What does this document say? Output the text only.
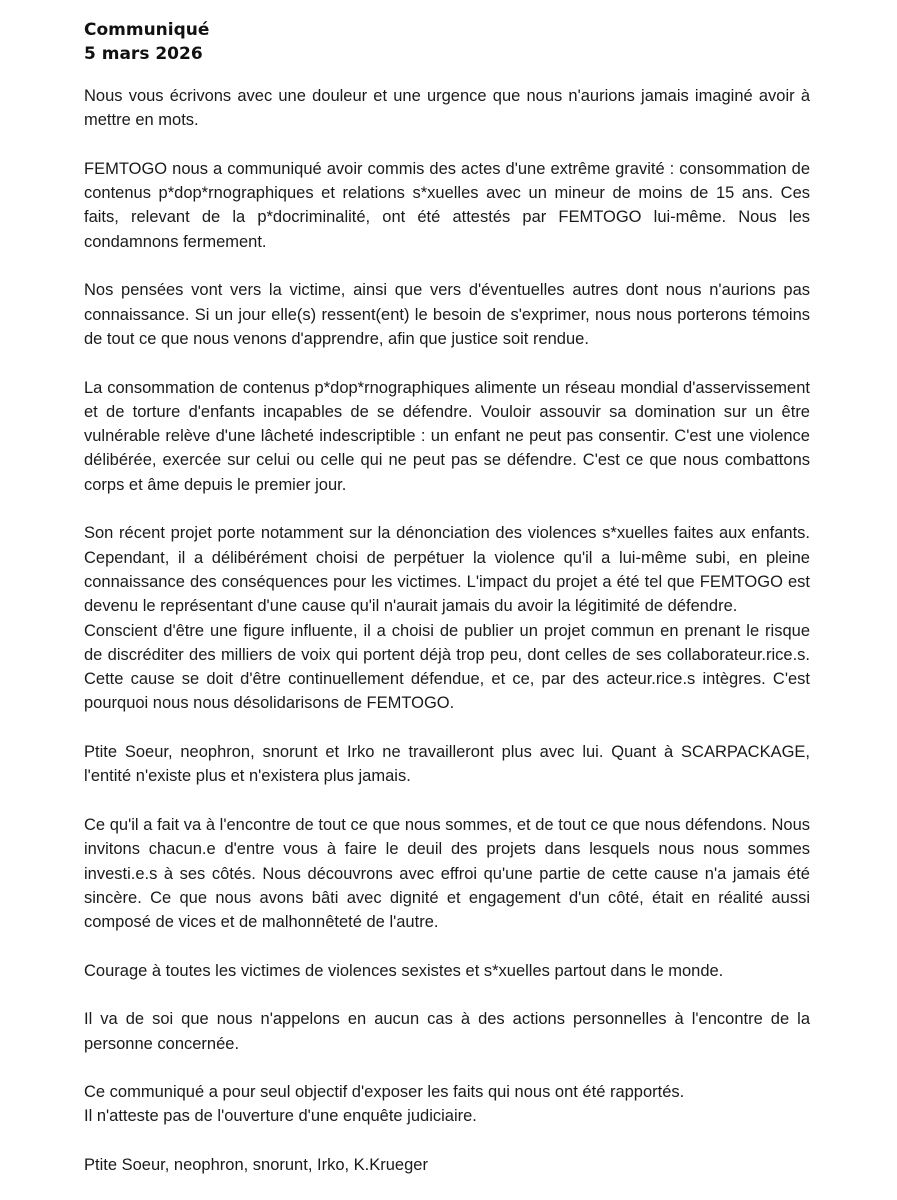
Communiqué
5 mars 2026

Nous vous écrivons avec une douleur et une urgence que nous n'aurions jamais imaginé avoir à mettre en mots.

FEMTOGO nous a communiqué avoir commis des actes d'une extrême gravité : consommation de contenus p*dop*rnographiques et relations s*xuelles avec un mineur de moins de 15 ans. Ces faits, relevant de la p*docriminalité, ont été attestés par FEMTOGO lui-même. Nous les condamnons fermement.

Nos pensées vont vers la victime, ainsi que vers d'éventuelles autres dont nous n'aurions pas connaissance. Si un jour elle(s) ressent(ent) le besoin de s'exprimer, nous nous porterons témoins de tout ce que nous venons d'apprendre, afin que justice soit rendue.

La consommation de contenus p*dop*rnographiques alimente un réseau mondial d'asservissement et de torture d'enfants incapables de se défendre. Vouloir assouvir sa domination sur un être vulnérable relève d'une lâcheté indescriptible : un enfant ne peut pas consentir. C'est une violence délibérée, exercée sur celui ou celle qui ne peut pas se défendre. C'est ce que nous combattons corps et âme depuis le premier jour.

Son récent projet porte notamment sur la dénonciation des violences s*xuelles faites aux enfants. Cependant, il a délibérément choisi de perpétuer la violence qu'il a lui-même subi, en pleine connaissance des conséquences pour les victimes. L'impact du projet a été tel que FEMTOGO est devenu le représentant d'une cause qu'il n'aurait jamais du avoir la légitimité de défendre.

Conscient d'être une figure influente, il a choisi de publier un projet commun en prenant le risque de discréditer des milliers de voix qui portent déjà trop peu, dont celles de ses collaborateur.rice.s. Cette cause se doit d'être continuellement défendue, et ce, par des acteur.rice.s intègres. C'est pourquoi nous nous désolidarisons de FEMTOGO.

Ptite Soeur, neophron, snorunt et Irko ne travailleront plus avec lui. Quant à SCARPACKAGE, l'entité n'existe plus et n'existera plus jamais.

Ce qu'il a fait va à l'encontre de tout ce que nous sommes, et de tout ce que nous défendons. Nous invitons chacun.e d'entre vous à faire le deuil des projets dans lesquels nous nous sommes investi.e.s à ses côtés. Nous découvrons avec effroi qu'une partie de cette cause n'a jamais été sincère. Ce que nous avons bâti avec dignité et engagement d'un côté, était en réalité aussi composé de vices et de malhonnêteté de l'autre.

Courage à toutes les victimes de violences sexistes et s*xuelles partout dans le monde.

Il va de soi que nous n'appelons en aucun cas à des actions personnelles à l'encontre de la personne concernée.

Ce communiqué a pour seul objectif d'exposer les faits qui nous ont été rapportés.

Il n'atteste pas de l'ouverture d'une enquête judiciaire.

Ptite Soeur, neophron, snorunt, Irko, K.Krueger
